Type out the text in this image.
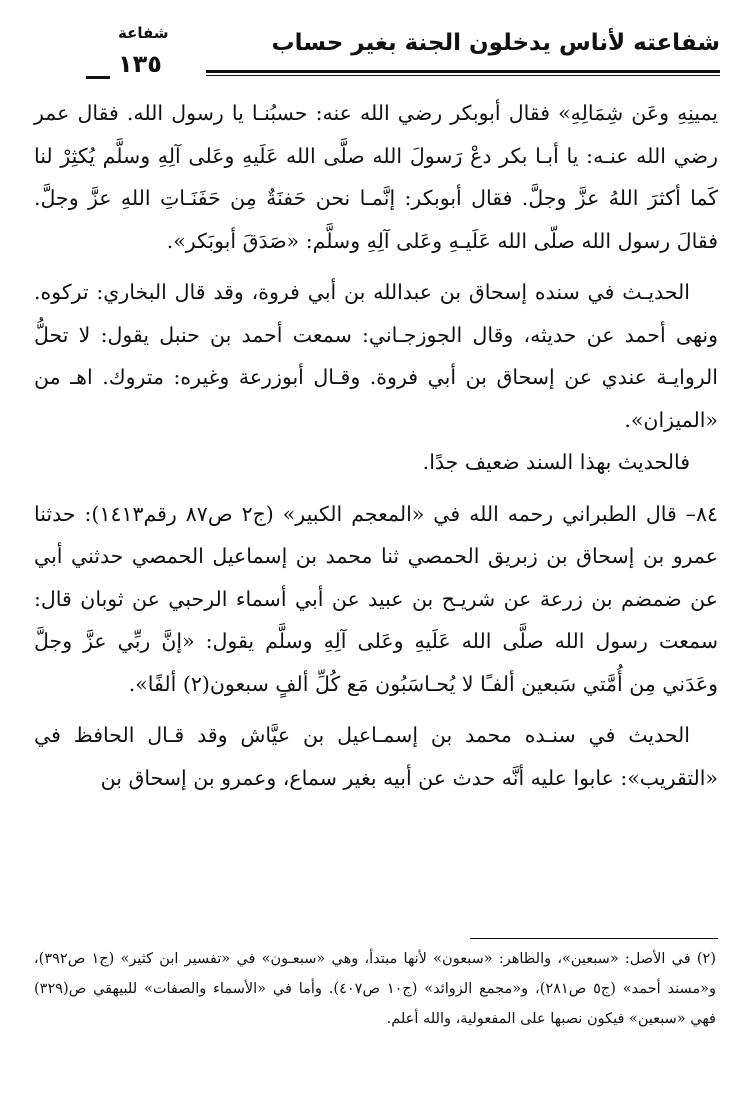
شفاعته لأناس يدخلون الجنة بغير حساب
شفاعة
١٣٥

يمينِهِ وعَن شِمَالِهِ» فقال أبوبكر رضي الله عنه: حسبُنـا يا رسول الله. فقال عمر رضي الله عنـه: يا أبـا بكر دعْ رَسولَ الله صلَّى الله عَلَيهِ وعَلى آلِهِ وسلَّم يُكثِرْ لنا كَما أكثرَ اللهُ عزَّ وجلَّ. فقال أبوبكر: إنَّمـا نحن حَفنَةٌ مِن حَفَنَـاتِ اللهِ عزَّ وجلَّ. فقالَ رسول الله صلّى الله عَلَيـهِ وعَلى آلِهِ وسلَّم: «صَدَقَ أبوبَكر».

الحديـث في سنده إسحاق بن عبدالله بن أبي فروة، وقد قال البخاري: تركوه. ونهى أحمد عن حديثه، وقال الجوزجـاني: سمعت أحمد بن حنبل يقول: لا تحلُّ الروايـة عندي عن إسحاق بن أبي فروة. وقـال أبوزرعة وغيره: متروك. اهـ من «الميزان».

فالحديث بهذا السند ضعيف جدًا.

٨٤– قال الطبراني رحمه الله في «المعجم الكبير» (ج٢ ص٨٧ رقم١٤١٣): حدثنا عمرو بن إسحاق بن زبريق الحمصي ثنا محمد بن إسماعيل الحمصي حدثني أبي عن ضمضم بن زرعة عن شريـح بن عبيد عن أبي أسماء الرحبي عن ثوبان قال: سمعت رسول الله صلَّى الله عَلَيهِ وعَلى آلِهِ وسلَّم يقول: «إنَّ ربِّي عزَّ وجلَّ وعَدَني مِن أُمَّتي سَبعين ألفـًا لا يُحـاسَبُون مَع كُلِّ ألفٍ سبعون(٢) ألفًا».

الحديث في سنـده محمد بن إسمـاعيل بن عيَّاش وقد قـال الحافظ في «التقريب»: عابوا عليه أنَّه حدث عن أبيه بغير سماع، وعمرو بن إسحاق بن

(٢) في الأصل: «سبعين»، والظاهر: «سبعون» لأنها مبتدأ، وهي «سبعـون» في «تفسير ابن كثير» (ج١ ص٣٩٢)، و«مسند أحمد» (ج٥ ص٢٨١)، و«مجمع الزوائد» (ج١٠ ص٤٠٧). وأما في «الأسماء والصفات» للبيهقي ص(٣٢٩) فهي «سبعين» فيكون نصبها على المفعولية، والله أعلم.
